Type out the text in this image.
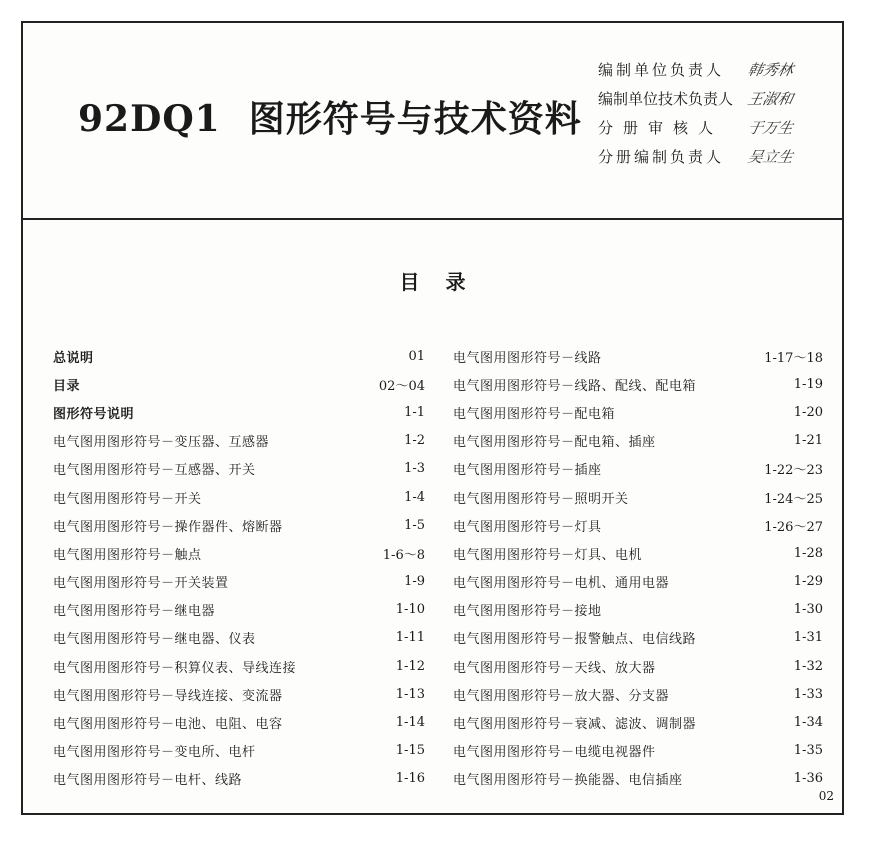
92DQ1 图形符号与技术资料
编制单位负责人	韩秀林
编制单位技术负责人 王淑和
分册审核人	于万生
分册编制负责人	吴立生
目录
总说明	01
目录	02～04
图形符号说明	1-1
电气图用图形符号－变压器、互感器	1-2
电气图用图形符号－互感器、开关	1-3
电气图用图形符号－开关	1-4
电气图用图形符号－操作器件、熔断器	1-5
电气图用图形符号－触点	1-6～8
电气图用图形符号－开关装置	1-9
电气图用图形符号－继电器	1-10
电气图用图形符号－继电器、仪表	1-11
电气图用图形符号－积算仪表、导线连接	1-12
电气图用图形符号－导线连接、变流器	1-13
电气图用图形符号－电池、电阻、电容	1-14
电气图用图形符号－变电所、电杆	1-15
电气图用图形符号－电杆、线路	1-16
电气图用图形符号－线路	1-17～18
电气图用图形符号－线路、配线、配电箱	1-19
电气图用图形符号－配电箱	1-20
电气图用图形符号－配电箱、插座	1-21
电气图用图形符号－插座	1-22～23
电气图用图形符号－照明开关	1-24～25
电气图用图形符号－灯具	1-26～27
电气图用图形符号－灯具、电机	1-28
电气图用图形符号－电机、通用电器	1-29
电气图用图形符号－接地	1-30
电气图用图形符号－报警触点、电信线路	1-31
电气图用图形符号－天线、放大器	1-32
电气图用图形符号－放大器、分支器	1-33
电气图用图形符号－衰减、滤波、调制器	1-34
电气图用图形符号－电缆电视器件	1-35
电气图用图形符号－换能器、电信插座	1-36
02
